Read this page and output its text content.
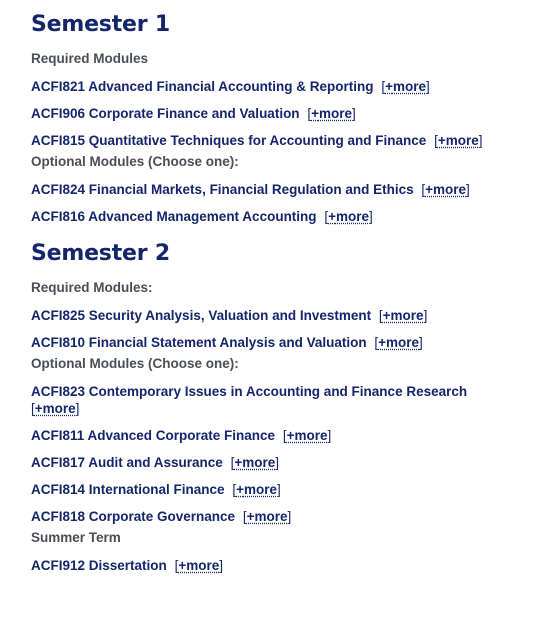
Semester 1
Required Modules
ACFI821 Advanced Financial Accounting & Reporting [+more]
ACFI906 Corporate Finance and Valuation [+more]
ACFI815 Quantitative Techniques for Accounting and Finance [+more]
Optional Modules (Choose one):
ACFI824 Financial Markets, Financial Regulation and Ethics [+more]
ACFI816 Advanced Management Accounting [+more]
Semester 2
Required Modules:
ACFI825 Security Analysis, Valuation and Investment [+more]
ACFI810 Financial Statement Analysis and Valuation [+more]
Optional Modules (Choose one):
ACFI823 Contemporary Issues in Accounting and Finance Research
[+more]
ACFI811 Advanced Corporate Finance [+more]
ACFI817 Audit and Assurance [+more]
ACFI814 International Finance [+more]
ACFI818 Corporate Governance [+more]
Summer Term
ACFI912 Dissertation [+more]
